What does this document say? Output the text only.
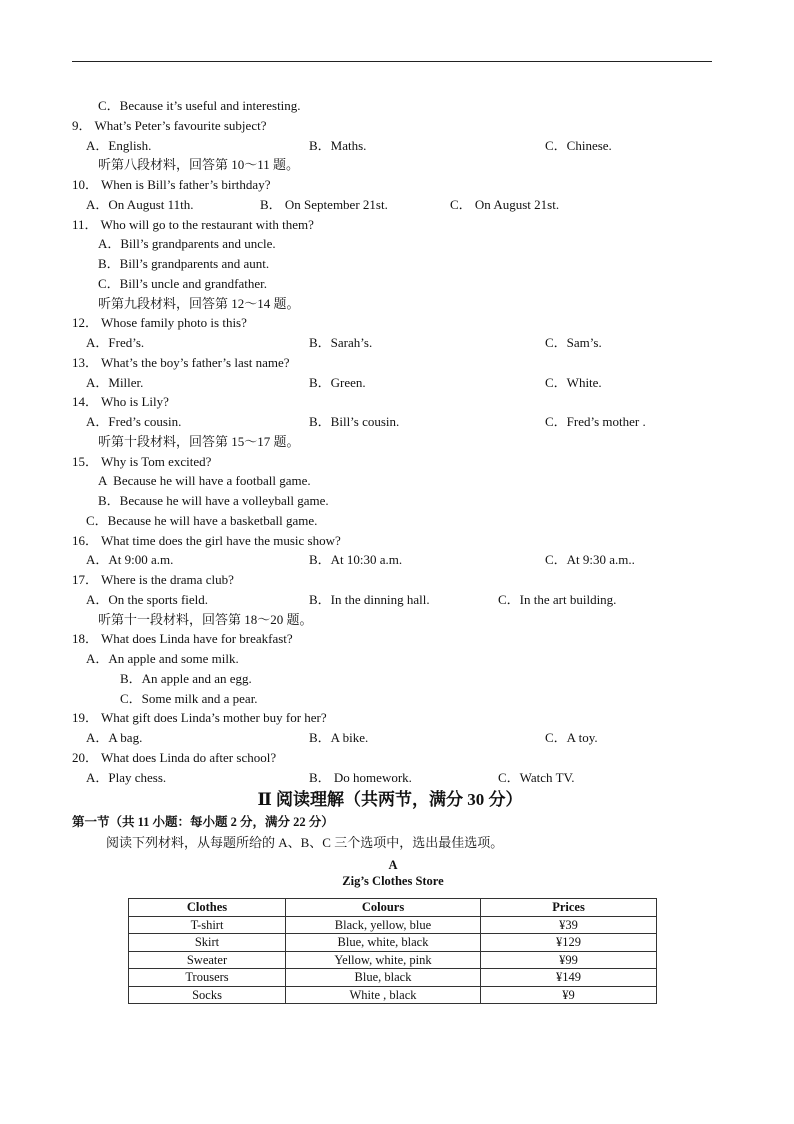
C．Because it’s useful and interesting.
9． What’s Peter’s favourite subject?
A．English.	B．Maths.	C．Chinese.
听第八段材料，回答第 10～11 题。
10． When is Bill’s father’s birthday?
A．On August 11th.	B． On September 21st.	C． On August 21st.
11． Who will go to the restaurant with them?
A．Bill’s grandparents and uncle.
B．Bill’s grandparents and aunt.
C．Bill’s uncle and grandfather.
听第九段材料，回答第 12～14 题。
12． Whose family photo is this?
A．Fred’s.	B．Sarah’s.	C．Sam’s.
13． What’s the boy’s father’s last name?
A．Miller.	B．Green.	C．White.
14． Who is Lily?
A．Fred’s cousin.	B．Bill’s cousin.	C．Fred’s mother .
听第十段材料，回答第 15～17 题。
15． Why is Tom excited?
A  Because he will have a football game.
B．Because he will have a volleyball game.
C．Because he will have a basketball game.
16． What time does the girl have the music show?
A．At 9:00 a.m.	B．At 10:30 a.m.	C．At 9:30 a.m..
17． Where is the drama club?
A．On the sports field.	B．In the dinning hall.	C．In the art building.
听第十一段材料，回答第 18～20 题。
18． What does Linda have for breakfast?
A．An apple and some milk.
B．An apple and an egg.
C．Some milk and a pear.
19． What gift does Linda’s mother buy for her?
A．A bag.	B．A bike.	C．A toy.
20． What does Linda do after school?
A．Play chess.	B． Do homework.	C．Watch TV.
Ⅱ 阅读理解（共两节，满分 30 分）
第一节（共 11 小题：每小题 2 分，满分 22 分）
阅读下列材料，从每题所给的 A、B、C 三个选项中，选出最佳选项。
A
Zig’s Clothes Store
Clothes	Colours	Prices
T-shirt	Black, yellow, blue	¥39
Skirt	Blue, white, black	¥129
Sweater	Yellow, white, pink	¥99
Trousers	Blue, black	¥149
Socks	White , black	¥9
